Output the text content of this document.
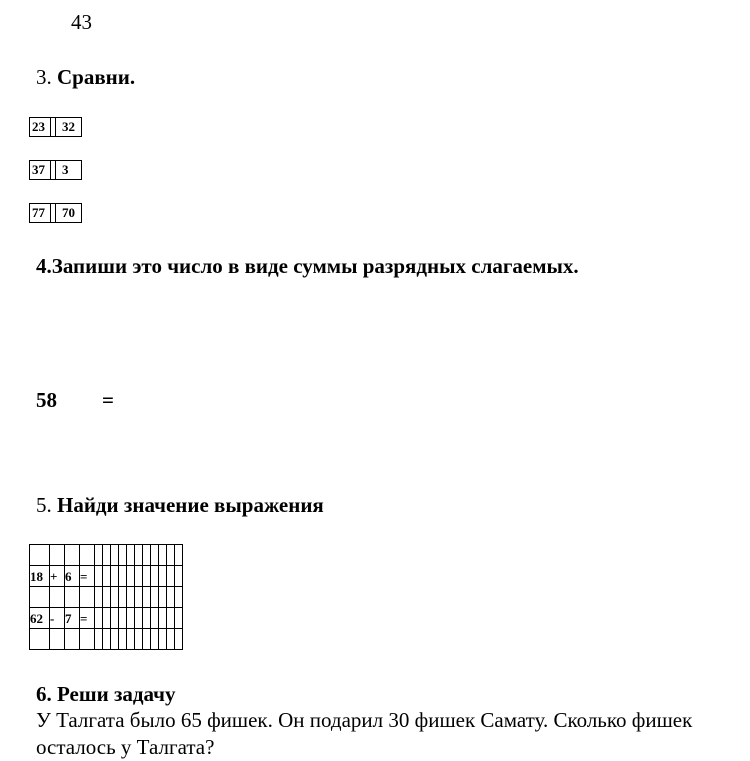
43
3. Сравни.
23	32
37	3
77	70
4.Запиши это число в виде суммы разрядных слагаемых.
58 =
5. Найди значение выражения

18	+	6	=											

62	-	7	=											

6. Реши задачу
У Талгата было 65 фишек. Он подарил 30 фишек Самату. Сколько фишек осталось у Талгата?
